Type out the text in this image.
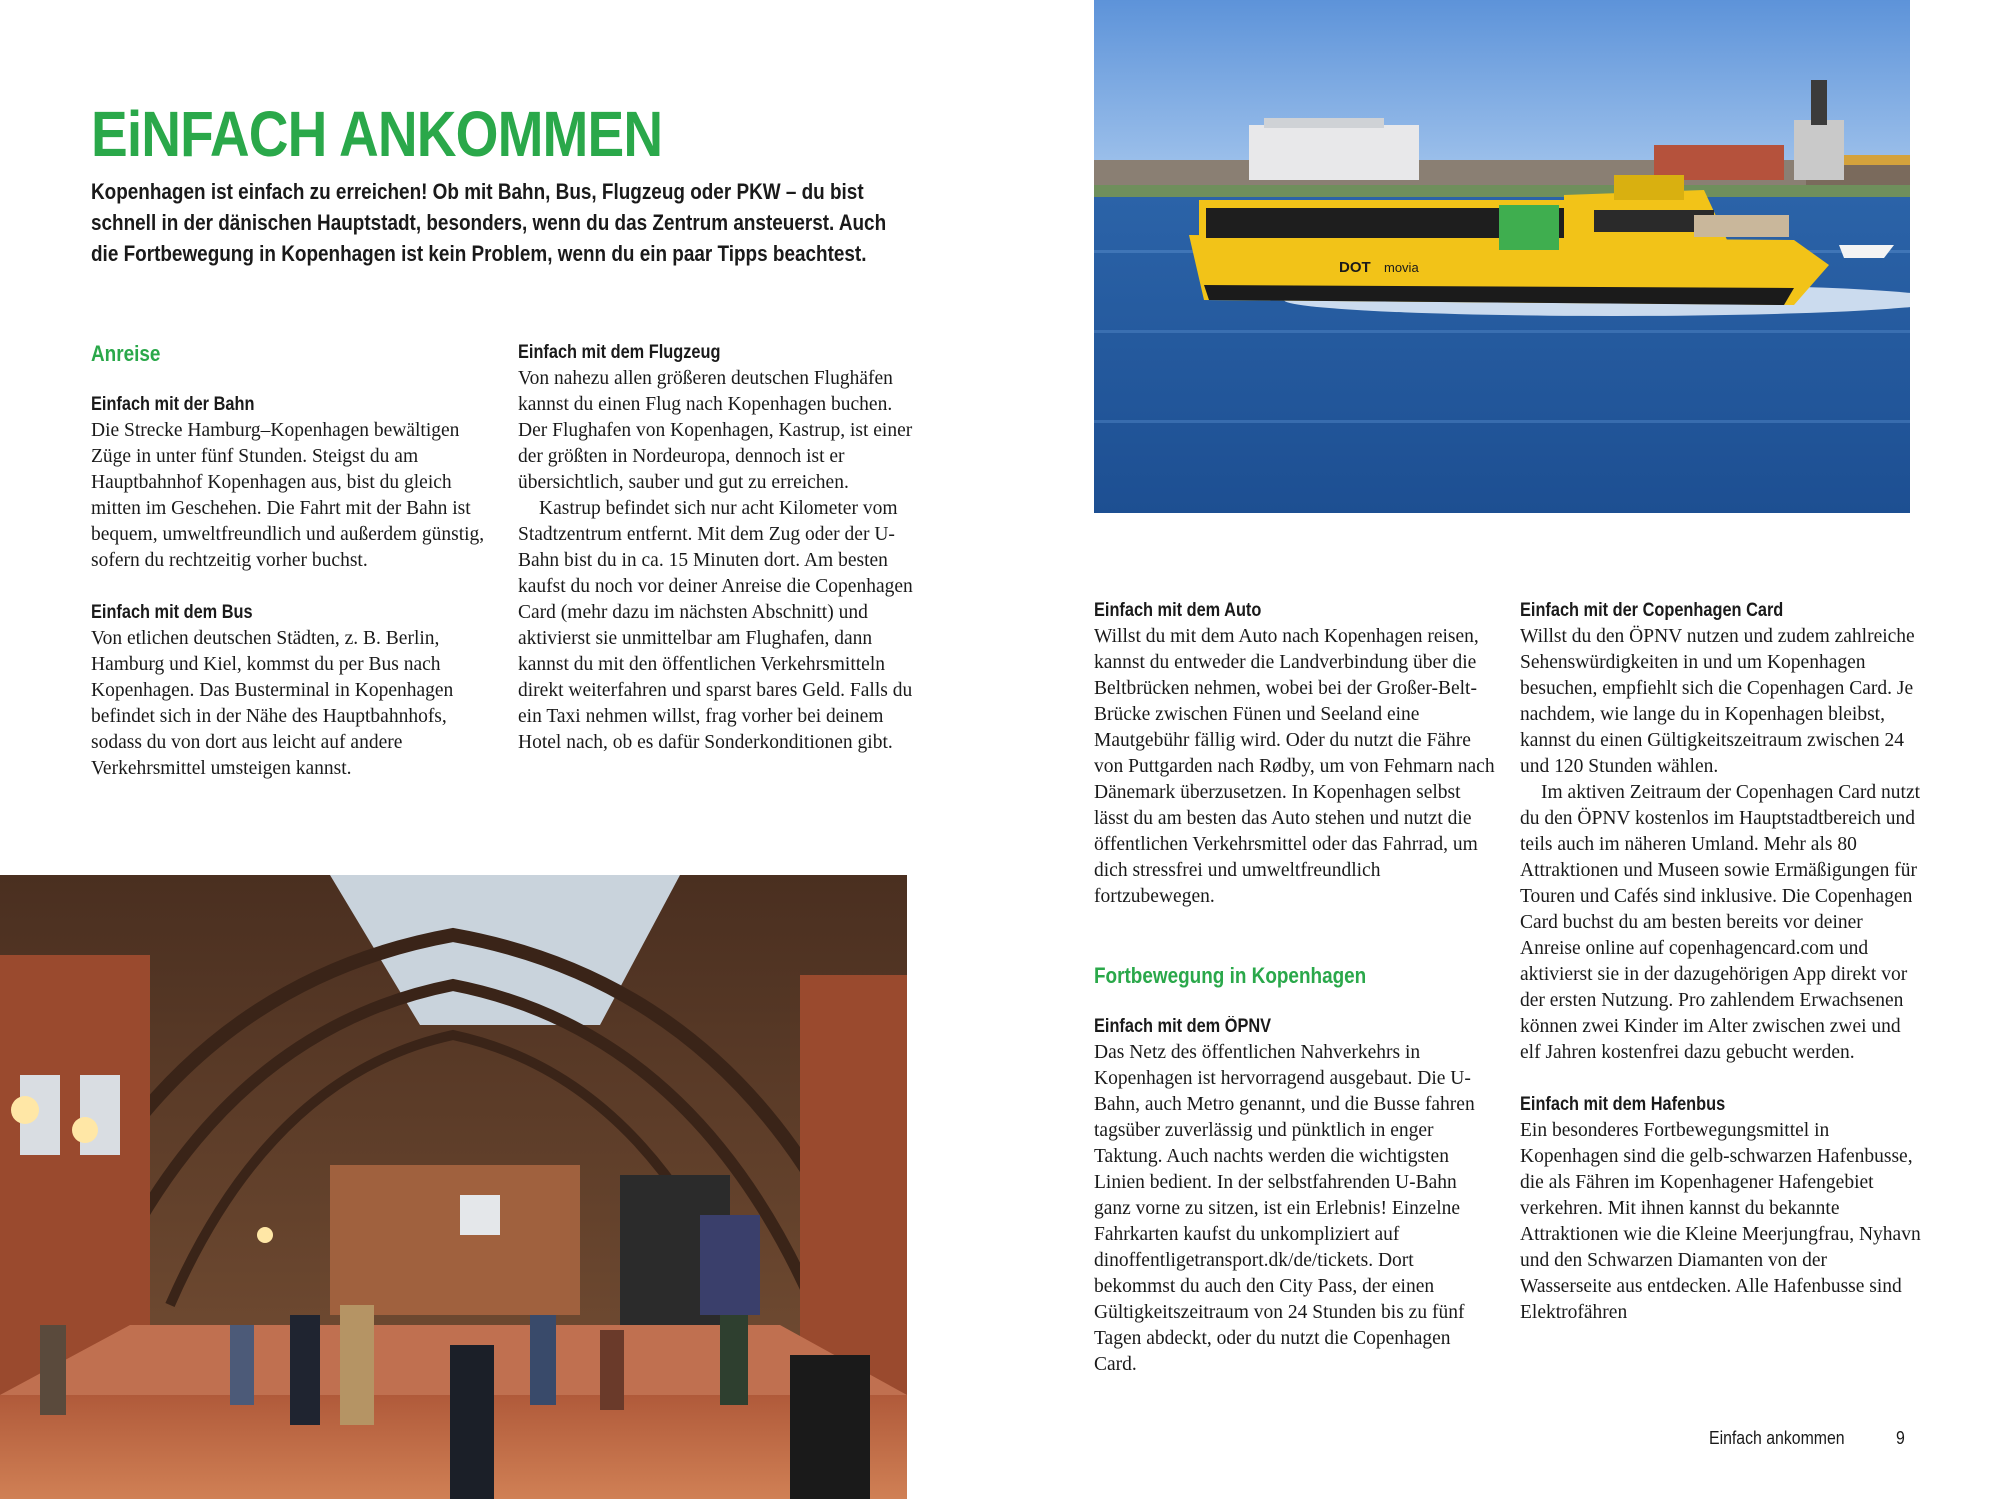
EiNFACH ANKOMMEN

Kopenhagen ist einfach zu erreichen! Ob mit Bahn, Bus, Flugzeug oder PKW – du bist schnell in der dänischen Hauptstadt, besonders, wenn du das Zentrum ansteuerst. Auch die Fortbewegung in Kopenhagen ist kein Problem, wenn du ein paar Tipps beachtest.

Anreise
Einfach mit der Bahn

Die Strecke Hamburg–Kopenhagen bewältigen Züge in unter fünf Stunden. Steigst du am Hauptbahnhof Kopenhagen aus, bist du gleich mitten im Geschehen. Die Fahrt mit der Bahn ist bequem, umweltfreundlich und außerdem günstig, sofern du rechtzeitig vorher buchst.

Einfach mit dem Bus

Von etlichen deutschen Städten, z. B. Berlin, Hamburg und Kiel, kommst du per Bus nach Kopenhagen. Das Busterminal in Kopenhagen befindet sich in der Nähe des Hauptbahnhofs, sodass du von dort aus leicht auf andere Verkehrsmittel umsteigen kannst.

Einfach mit dem Flugzeug

Von nahezu allen größeren deutschen Flughäfen kannst du einen Flug nach Kopenhagen buchen. Der Flughafen von Kopenhagen, Kastrup, ist einer der größten in Nordeuropa, dennoch ist er übersichtlich, sauber und gut zu erreichen.

Kastrup befindet sich nur acht Kilometer vom Stadtzentrum entfernt. Mit dem Zug oder der U-Bahn bist du in ca. 15 Minuten dort. Am besten kaufst du noch vor deiner Anreise die Copenhagen Card (mehr dazu im nächsten Abschnitt) und aktivierst sie unmittelbar am Flughafen, dann kannst du mit den öffentlichen Verkehrsmitteln direkt weiterfahren und sparst bares Geld. Falls du ein Taxi nehmen willst, frag vorher bei deinem Hotel nach, ob es dafür Sonderkonditionen gibt.

Einfach mit dem Auto

Willst du mit dem Auto nach Kopenhagen reisen, kannst du entweder die Landverbindung über die Beltbrücken nehmen, wobei bei der Großer-Belt-Brücke zwischen Fünen und Seeland eine Mautgebühr fällig wird. Oder du nutzt die Fähre von Puttgarden nach Rødby, um von Fehmarn nach Dänemark überzusetzen. In Kopenhagen selbst lässt du am besten das Auto stehen und nutzt die öffentlichen Verkehrsmittel oder das Fahrrad, um dich stressfrei und umweltfreundlich fortzubewegen.

Fortbewegung in Kopenhagen
Einfach mit dem ÖPNV

Das Netz des öffentlichen Nahverkehrs in Kopenhagen ist hervorragend ausgebaut. Die U-Bahn, auch Metro genannt, und die Busse fahren tagsüber zuverlässig und pünktlich in enger Taktung. Auch nachts werden die wichtigsten Linien bedient. In der selbstfahrenden U-Bahn ganz vorne zu sitzen, ist ein Erlebnis! Einzelne Fahrkarten kaufst du unkompliziert auf dinoffentligetransport.dk/de/tickets. Dort bekommst du auch den City Pass, der einen Gültigkeitszeitraum von 24 Stunden bis zu fünf Tagen abdeckt, oder du nutzt die Copenhagen Card.

Einfach mit der Copenhagen Card

Willst du den ÖPNV nutzen und zudem zahlreiche Sehenswürdigkeiten in und um Kopenhagen besuchen, empfiehlt sich die Copenhagen Card. Je nachdem, wie lange du in Kopenhagen bleibst, kannst du einen Gültigkeitszeitraum zwischen 24 und 120 Stunden wählen.

Im aktiven Zeitraum der Copenhagen Card nutzt du den ÖPNV kostenlos im Hauptstadtbereich und teils auch im näheren Umland. Mehr als 80 Attraktionen und Museen sowie Ermäßigungen für Touren und Cafés sind inklusive. Die Copenhagen Card buchst du am besten bereits vor deiner Anreise online auf copenhagencard.com und aktivierst sie in der dazugehörigen App direkt vor der ersten Nutzung. Pro zahlendem Erwachsenen können zwei Kinder im Alter zwischen zwei und elf Jahren kostenfrei dazu gebucht werden.

Einfach mit dem Hafenbus

Ein besonderes Fortbewegungsmittel in Kopenhagen sind die gelb-schwarzen Hafenbusse, die als Fähren im Kopenhagener Hafengebiet verkehren. Mit ihnen kannst du bekannte Attraktionen wie die Kleine Meerjungfrau, Nyhavn und den Schwarzen Diamanten von der Wasserseite aus entdecken. Alle Hafenbusse sind Elektrofähren

DOT movia
Einfach ankommen	9
